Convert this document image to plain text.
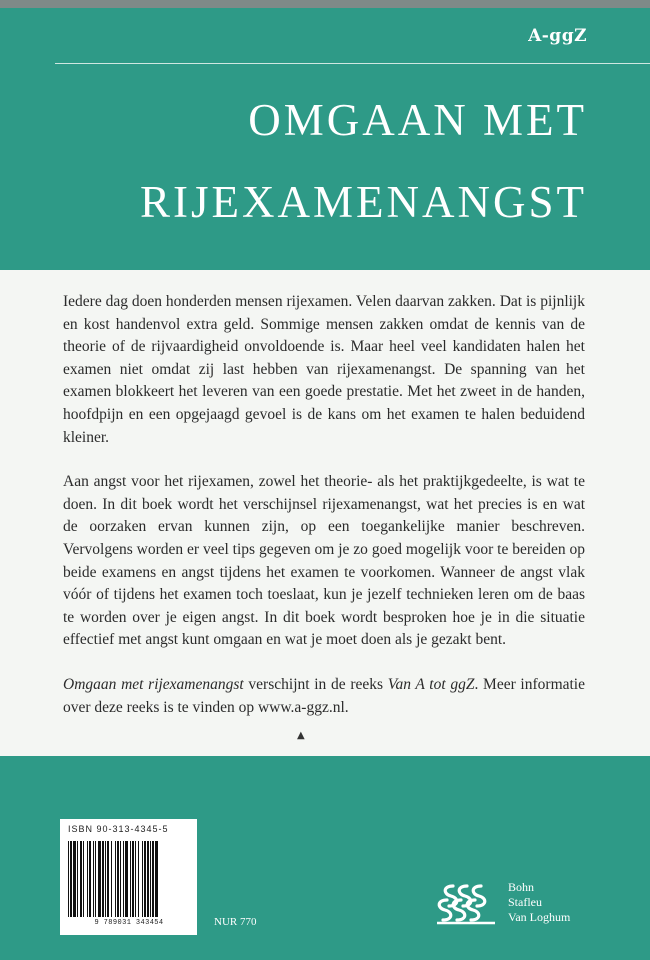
A-ggZ
OMGAAN MET
RIJEXAMENANGST

Iedere dag doen honderden mensen rijexamen. Velen daarvan zakken. Dat is pijnlijk en kost handenvol extra geld. Sommige mensen zakken omdat de kennis van de theorie of de rijvaardigheid onvoldoende is. Maar heel veel kandidaten halen het examen niet omdat zij last hebben van rijexamenangst. De spanning van het examen blokkeert het leveren van een goede prestatie. Met het zweet in de handen, hoofdpijn en een opgejaagd gevoel is de kans om het examen te halen beduidend kleiner.

Aan angst voor het rijexamen, zowel het theorie- als het praktijkgedeelte, is wat te doen. In dit boek wordt het verschijnsel rijexamenangst, wat het precies is en wat de oorzaken ervan kunnen zijn, op een toegankelijke manier beschreven. Vervolgens worden er veel tips gegeven om je zo goed mogelijk voor te bereiden op beide examens en angst tijdens het examen te voorkomen. Wanneer de angst vlak vóór of tijdens het examen toch toeslaat, kun je jezelf technieken leren om de baas te worden over je eigen angst. In dit boek wordt besproken hoe je in die situatie effectief met angst kunt omgaan en wat je moet doen als je gezakt bent.

Omgaan met rijexamenangst verschijnt in de reeks Van A tot ggZ. Meer informatie over deze reeks is te vinden op www.a-ggz.nl.

▲
ISBN 90-313-4345-5
9 789031 343454	NUR 770
Bohn
Stafleu
Van Loghum
